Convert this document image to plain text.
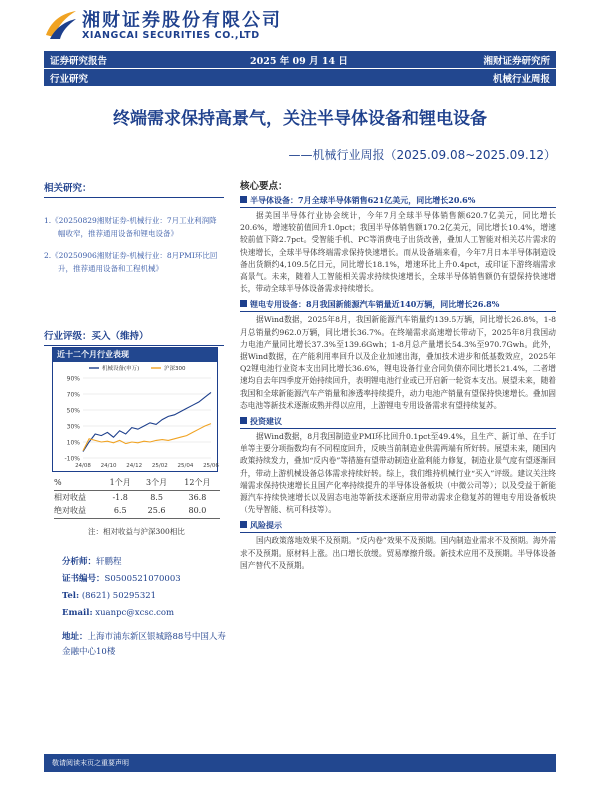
湘财证券股份有限公司
XIANGCAI SECURITIES CO.,LTD
证券研究报告	2025 年 09 月 14 日	湘财证券研究所
行业研究	机械行业周报
终端需求保持高景气，关注半导体设备和锂电设备
——机械行业周报（2025.09.08~2025.09.12）
相关研究：
1.《20250829湘财证券-机械行业：7月工业利润降幅收窄，推荐通用设备和锂电设备》
2.《20250906湘财证券-机械行业：8月PMI环比回升，推荐通用设备和工程机械》
行业评级：买入（维持）
近十二个月行业表现
90%
70%
50%
30%
10%
-10%
24/08 24/10 24/12 25/02 25/04 25/06
机械设备(申万)	沪深300
%	1个月	3个月	12个月
相对收益	-1.8	8.5	36.8
绝对收益	6.5	25.6	80.0
注：相对收益与沪深300相比
分析师：轩鹏程
证书编号：S0500521070003
Tel: (8621) 50295321
Email: xuanpc@xcsc.com
地址：上海市浦东新区银城路88号中国人寿金融中心10楼
核心要点：
半导体设备：7月全球半导体销售621亿美元，同比增长20.6%
据美国半导体行业协会统计，今年7月全球半导体销售额620.7亿美元，同比增长20.6%，增速较前值回升1.0pct；我国半导体销售额170.2亿美元，同比增长10.4%，增速较前值下降2.7pct。受智能手机、PC等消费电子出货改善，叠加人工智能对相关芯片需求的快速增长，全球半导体终端需求保持快速增长。而从设备端来看，今年7月日本半导体制造设备出货额约4,109.5亿日元，同比增长18.1%，增速环比上升0.4pct，或印证下游终端需求高景气。未来，随着人工智能相关需求持续快速增长，全球半导体销售额仍有望保持快速增长，带动全球半导体设备需求持续增长。
锂电专用设备：8月我国新能源汽车销量近140万辆，同比增长26.8%
据Wind数据，2025年8月，我国新能源汽车销量约139.5万辆，同比增长26.8%，1-8月总销量约962.0万辆，同比增长36.7%。在终端需求高速增长带动下，2025年8月我国动力电池产量同比增长37.3%至139.6Gwh；1-8月总产量增长54.3%至970.7Gwh。此外，据Wind数据，在产能利用率回升以及企业加速出海，叠加技术进步和低基数效应，2025年Q2锂电池行业资本支出同比增长36.6%，锂电设备行业合同负债亦同比增长21.4%，二者增速均自去年四季度开始持续回升，表明锂电池行业或已开启新一轮资本支出。展望未来，随着我国和全球新能源汽车产销量和渗透率持续提升，动力电池产销量有望保持快速增长。叠加固态电池等新技术逐渐成熟并得以应用，上游锂电专用设备需求有望持续复苏。
投资建议
据Wind数据，8月我国制造业PMI环比回升0.1pct至49.4%，且生产、新订单、在手订单等主要分项指数均有不同程度回升，反映当前制造业供需两端有所好转。展望未来，随国内政策持续发力，叠加“反内卷”等措施有望带动制造业盈利能力修复，制造业景气度有望逐渐回升，带动上游机械设备总体需求持续好转。综上，我们维持机械行业“买入”评级。建议关注终端需求保持快速增长且国产化率持续提升的半导体设备板块（中微公司等）；以及受益于新能源汽车持续快速增长以及固态电池等新技术逐渐应用带动需求企稳复苏的锂电专用设备板块（先导智能、杭可科技等）。
风险提示
国内政策落地效果不及预期。“反内卷”效果不及预期。国内制造业需求不及预期。海外需求不及预期。原材料上涨。出口增长放缓。贸易摩擦升级。新技术应用不及预期。半导体设备国产替代不及预期。
敬请阅读末页之重要声明
